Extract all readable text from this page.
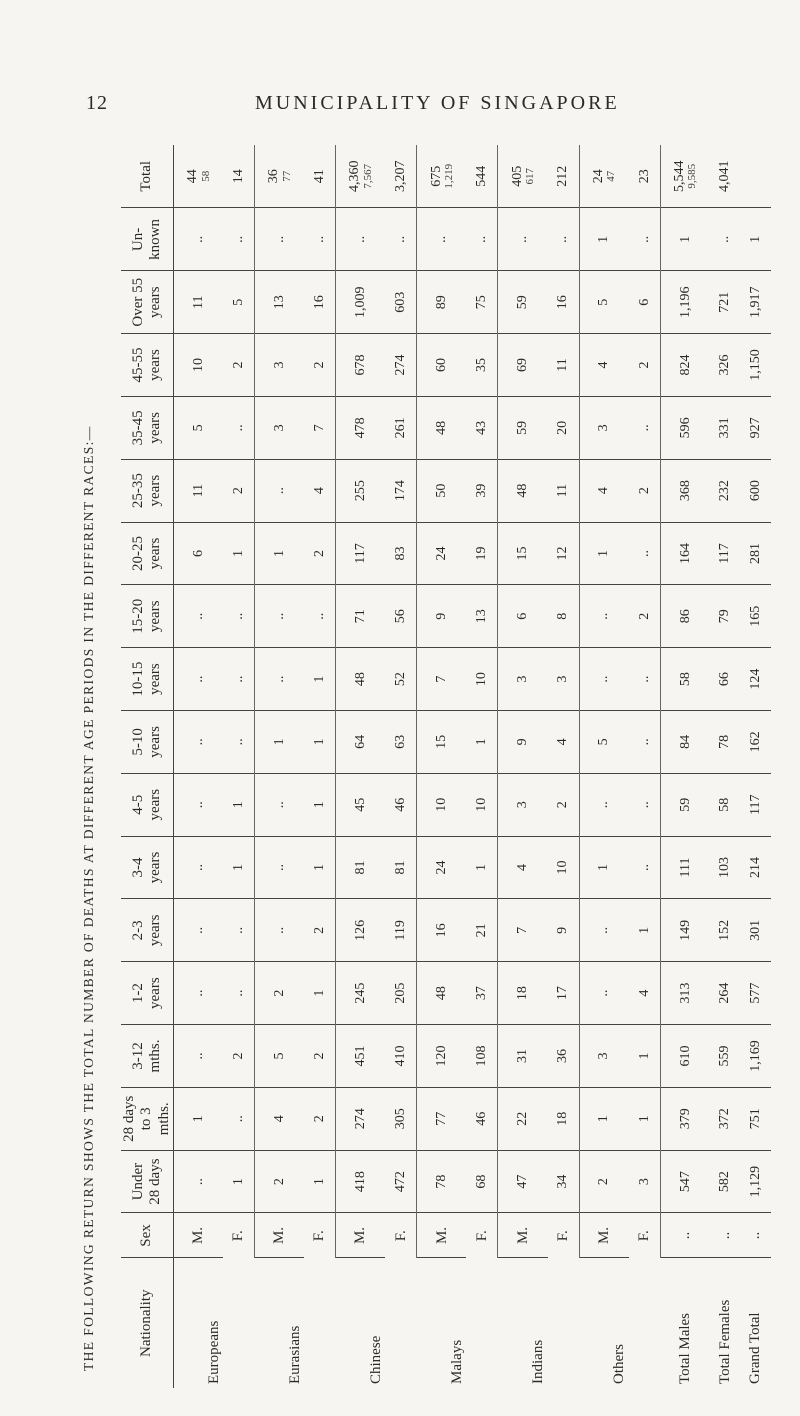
12	MUNICIPALITY OF SINGAPORE
THE FOLLOWING RETURN SHOWS THE TOTAL NUMBER OF DEATHS AT DIFFERENT AGE PERIODS IN THE DIFFERENT RACES:—	Nationality	Sex	Under 28 days	28 days to 3 mths.	3-12 mths.	1-2 years	2-3 years	3-4 years	4-5 years	5-10 years	10-15 years	15-20 years	20-25 years	25-35 years	35-45 years	45-55 years	Over 55 years	Un-known	Total
Europeans	M.	..	1	..	..	..	..	..	..	..	..	6	11	5	10	11	..	44 58

	F.	1	..	2	..	..	1	1	..	..	..	1	2	..	2	5	..	14
Eurasians	M.	2	4	5	2	..	..	..	1	..	..	1	..	3	3	13	..	36 77

	F.	1	2	2	1	2	1	1	1	1	..	2	4	7	2	16	..	41
Chinese	M.	418	274	451	245	126	81	45	64	48	71	117	255	478	678	1,009	..	4,360 7,567

	F.	472	305	410	205	119	81	46	63	52	56	83	174	261	274	603	..	3,207
Malays	M.	78	77	120	48	16	24	10	15	7	9	24	50	48	60	89	..	675 1,219

	F.	68	46	108	37	21	1	10	1	10	13	19	39	43	35	75	..	544
Indians	M.	47	22	31	18	7	4	3	9	3	6	15	48	59	69	59	..	405 617

	F.	34	18	36	17	9	10	2	4	3	8	12	11	20	11	16	..	212
Others	M.	2	1	3	..	..	1	..	5	..	..	1	4	3	4	5	1	24 47

	F.	3	1	1	4	1	..	..	..	..	2	..	2	..	2	6	..	23
Total Males	..	547	379	610	313	149	111	59	84	58	86	164	368	596	824	1,196	1	5,544 9,585

Total Females	..	582	372	559	264	152	103	58	78	66	79	117	232	331	326	721	..	4,041
Grand Total	..	1,129	751	1,169	577	301	214	117	162	124	165	281	600	927	1,150	1,917	1	
